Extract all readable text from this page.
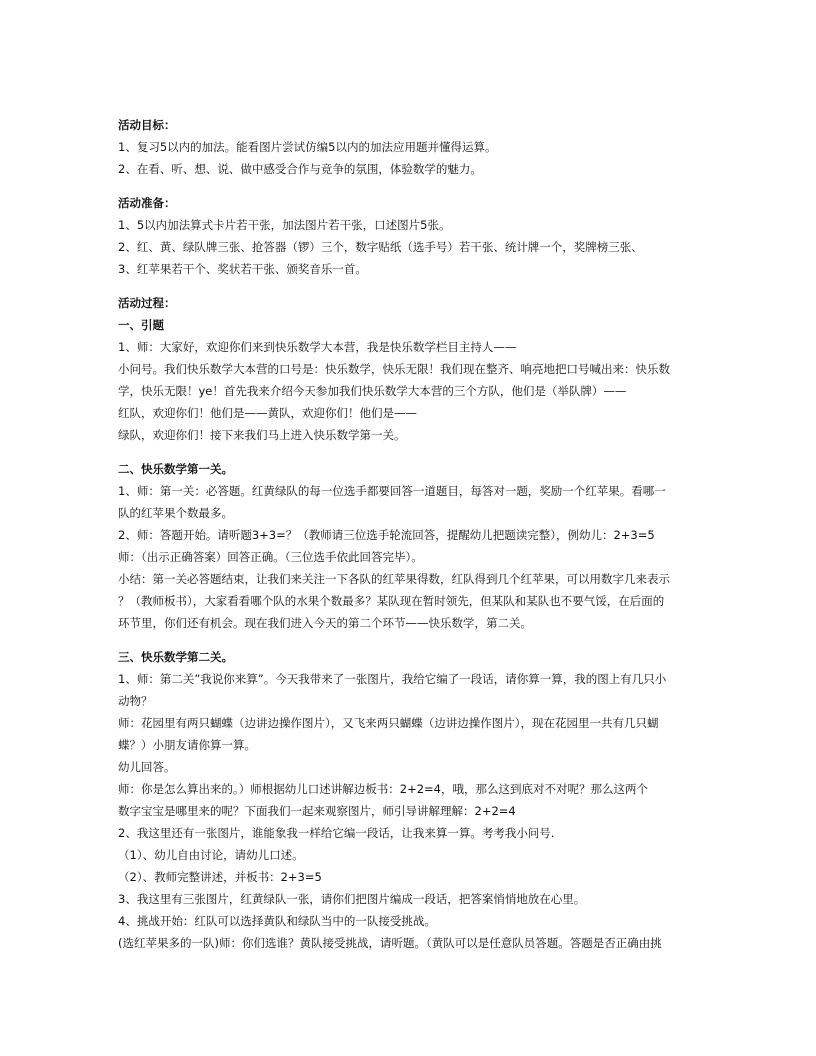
活动目标：

1、复习5以内的加法。能看图片尝试仿编5以内的加法应用题并懂得运算。

2、在看、听、想、说、做中感受合作与竞争的氛围，体验数学的魅力。

活动准备：

1、5以内加法算式卡片若干张，加法图片若干张，口述图片5张。

2、红、黄、绿队牌三张、抢答器（锣）三个，数字贴纸（选手号）若干张、统计牌一个，奖牌榜三张、

3、红苹果若干个、奖状若干张、颁奖音乐一首。

活动过程：

一、引题

1、师：大家好，欢迎你们来到快乐数学大本营，我是快乐数学栏目主持人——

小问号。我们快乐数学大本营的口号是：快乐数学，快乐无限！我们现在整齐、响亮地把口号喊出来：快乐数

学，快乐无限！ye！首先我来介绍今天参加我们快乐数学大本营的三个方队，他们是（举队牌）——

红队，欢迎你们！他们是——黄队，欢迎你们！他们是——

绿队，欢迎你们！接下来我们马上进入快乐数学第一关。

二、快乐数学第一关。

1、师：第一关：必答题。红黄绿队的每一位选手都要回答一道题目，每答对一题，奖励一个红苹果。看哪一

队的红苹果个数最多。

2、师：答题开始。请听题3+3=？（教师请三位选手轮流回答，提醒幼儿把题读完整），例幼儿：2+3=5

师：（出示正确答案）回答正确。（三位选手依此回答完毕）。

小结：第一关必答题结束，让我们来关注一下各队的红苹果得数，红队得到几个红苹果，可以用数字几来表示

？（教师板书），大家看看哪个队的水果个数最多？某队现在暂时领先，但某队和某队也不要气馁，在后面的

环节里，你们还有机会。现在我们进入今天的第二个环节——快乐数学，第二关。

三、快乐数学第二关。

1、师：第二关”我说你来算”。今天我带来了一张图片，我给它编了一段话，请你算一算，我的图上有几只小

动物？

师：花园里有两只蝴蝶（边讲边操作图片），又飞来两只蝴蝶（边讲边操作图片），现在花园里一共有几只蝴

蝶？）小朋友请你算一算。

幼儿回答。

师：你是怎么算出来的。）师根据幼儿口述讲解边板书：2+2=4，哦，那么这到底对不对呢？那么这两个

数字宝宝是哪里来的呢？下面我们一起来观察图片，师引导讲解理解：2+2=4

2、我这里还有一张图片，谁能象我一样给它编一段话，让我来算一算。考考我小问号.

（1）、幼儿自由讨论，请幼儿口述。

（2）、教师完整讲述，并板书：2+3=5

3、我这里有三张图片，红黄绿队一张，请你们把图片编成一段话，把答案悄悄地放在心里。

4、挑战开始：红队可以选择黄队和绿队当中的一队接受挑战。

(选红苹果多的一队)师：你们选谁？黄队接受挑战，请听题。（黄队可以是任意队员答题。答题是否正确由挑
